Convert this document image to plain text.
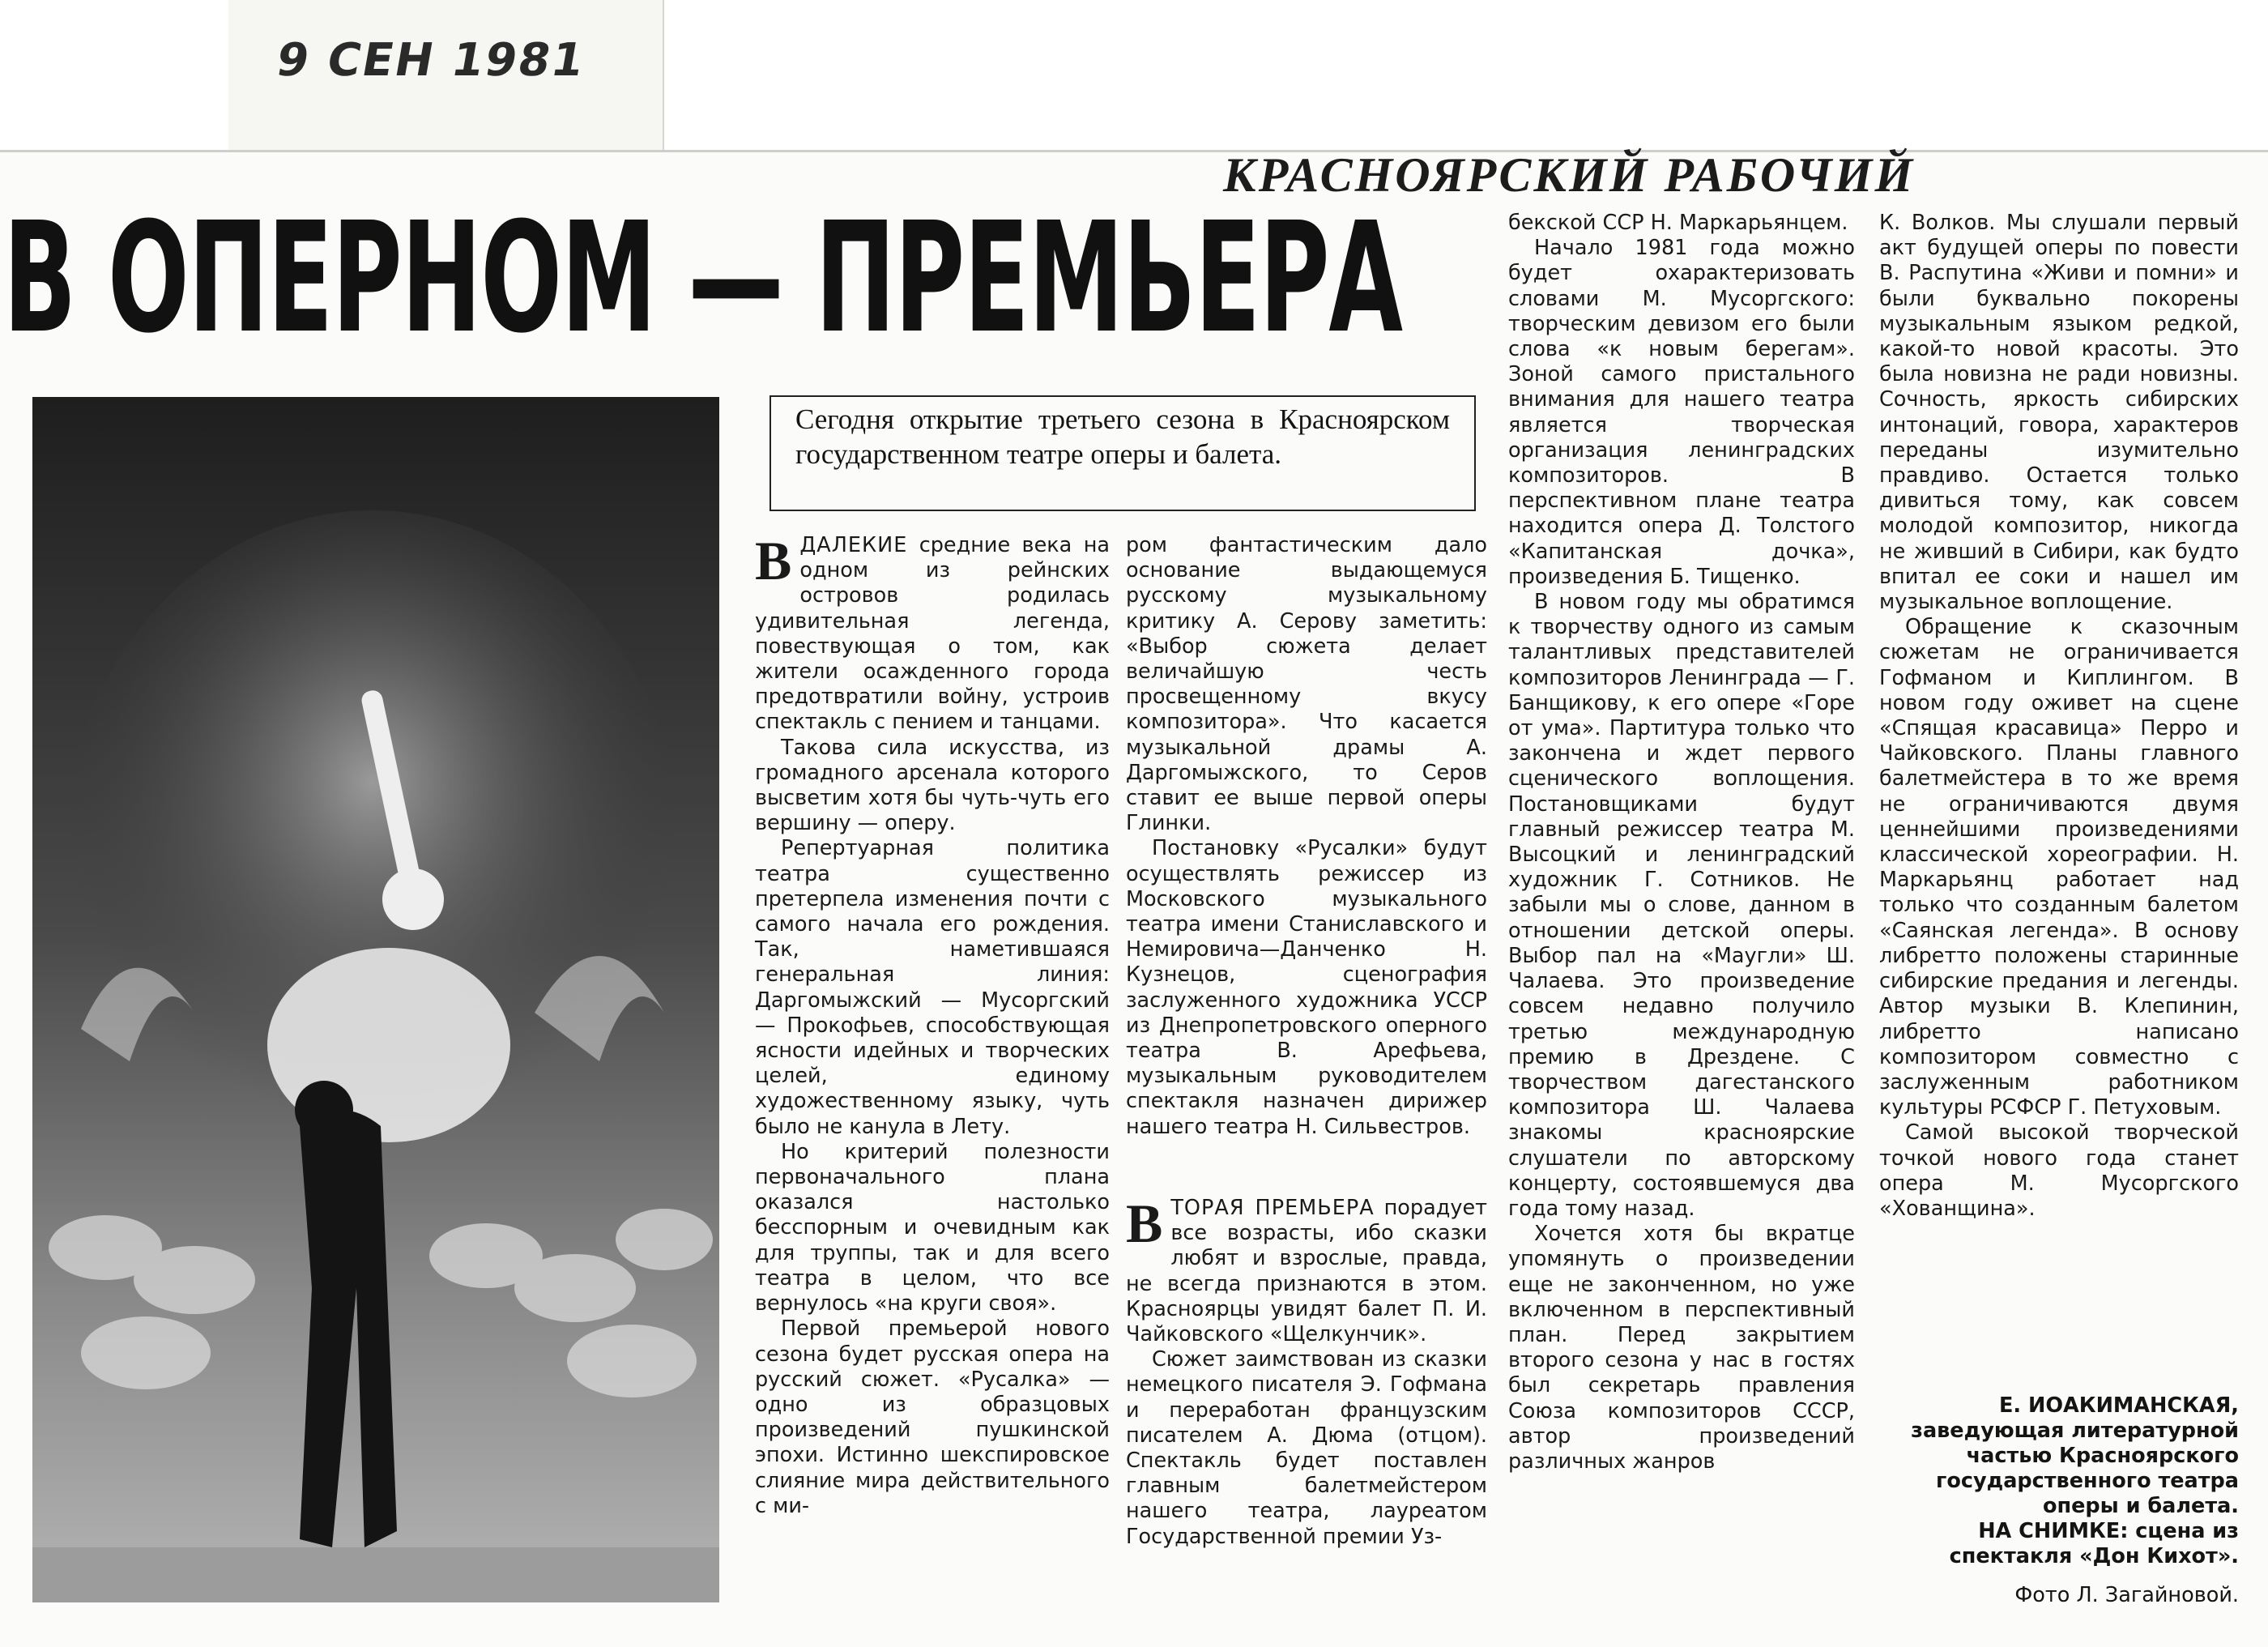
9 СЕН 1981
КРАСНОЯРСКИЙ РАБОЧИЙ
В ОПЕРНОМ — ПРЕМЬЕРА

Сегодня открытие третьего сезона в Красноярском государственном театре оперы и балета.

ВДАЛЕКИЕ средние века на одном из рейнских островов родилась удивительная легенда, повествующая о том, как жители осажденного города предотвратили войну, устроив спектакль с пением и танцами.

Такова сила искусства, из громадного арсенала которого высветим хотя бы чуть-чуть его вершину — оперу.

Репертуарная политика театра существенно претерпела изменения почти с самого начала его рождения. Так, наметившаяся генеральная линия: Даргомыжский — Мусоргский — Прокофьев, способствующая ясности идейных и творческих целей, единому художественному языку, чуть было не канула в Лету.

Но критерий полезности первоначального плана оказался настолько бесспорным и очевидным как для труппы, так и для всего театра в целом, что все вернулось «на круги своя».

Первой премьерой нового сезона будет русская опера на русский сюжет. «Русалка» — одно из образцовых произведений пушкинской эпохи. Истинно шекспировское слияние мира действительного с ми-

ром фантастическим дало основание выдающемуся русскому музыкальному критику А. Серову заметить: «Выбор сюжета делает величайшую честь просвещенному вкусу композитора». Что касается музыкальной драмы А. Даргомыжского, то Серов ставит ее выше первой оперы Глинки.

Постановку «Русалки» будут осуществлять режиссер из Московского музыкального театра имени Станиславского и Немировича—Данченко Н. Кузнецов, сценография заслуженного художника УССР из Днепропетровского оперного театра В. Арефьева, музыкальным руководителем спектакля назначен дирижер нашего театра Н. Сильвестров.

ВТОРАЯ ПРЕМЬЕРА порадует все возрасты, ибо сказки любят и взрослые, правда, не всегда признаются в этом. Красноярцы увидят балет П. И. Чайковского «Щелкунчик».

Сюжет заимствован из сказки немецкого писателя Э. Гофмана и переработан французским писателем А. Дюма (отцом). Спектакль будет поставлен главным балетмейстером нашего театра, лауреатом Государственной премии Уз-

бекской ССР Н. Маркарьянцем.

Начало 1981 года можно будет охарактеризовать словами М. Мусоргского: творческим девизом его были слова «к новым берегам». Зоной самого пристального внимания для нашего театра является творческая организация ленинградских композиторов. В перспективном плане театра находится опера Д. Толстого «Капитанская дочка», произведения Б. Тищенко.

В новом году мы обратимся к творчеству одного из самым талантливых представителей композиторов Ленинграда — Г. Банщикову, к его опере «Горе от ума». Партитура только что закончена и ждет первого сценического воплощения. Постановщиками будут главный режиссер театра М. Высоцкий и ленинградский художник Г. Сотников. Не забыли мы о слове, данном в отношении детской оперы. Выбор пал на «Маугли» Ш. Чалаева. Это произведение совсем недавно получило третью международную премию в Дрездене. С творчеством дагестанского композитора Ш. Чалаева знакомы красноярские слушатели по авторскому концерту, состоявшемуся два года тому назад.

Хочется хотя бы вкратце упомянуть о произведении еще не законченном, но уже включенном в перспективный план. Перед закрытием второго сезона у нас в гостях был секретарь правления Союза композиторов СССР, автор произведений различных жанров

К. Волков. Мы слушали первый акт будущей оперы по повести В. Распутина «Живи и помни» и были буквально покорены музыкальным языком редкой, какой-то новой красоты. Это была новизна не ради новизны. Сочность, яркость сибирских интонаций, говора, характеров переданы изумительно правдиво. Остается только дивиться тому, как совсем молодой композитор, никогда не живший в Сибири, как будто впитал ее соки и нашел им музыкальное воплощение.

Обращение к сказочным сюжетам не ограничивается Гофманом и Киплингом. В новом году оживет на сцене «Спящая красавица» Перро и Чайковского. Планы главного балетмейстера в то же время не ограничиваются двумя ценнейшими произведениями классической хореографии. Н. Маркарьянц работает над только что созданным балетом «Саянская легенда». В основу либретто положены старинные сибирские предания и легенды. Автор музыки В. Клепинин, либретто написано композитором совместно с заслуженным работником культуры РСФСР Г. Петуховым.

Самой высокой творческой точкой нового года станет опера М. Мусоргского «Хованщина».

Е. ИОАКИМАНСКАЯ,

заведующая литературной частью Красноярского государственного театра оперы и балета.

НА СНИМКЕ: сцена из спектакля «Дон Кихот».

Фото Л. Загайновой.
